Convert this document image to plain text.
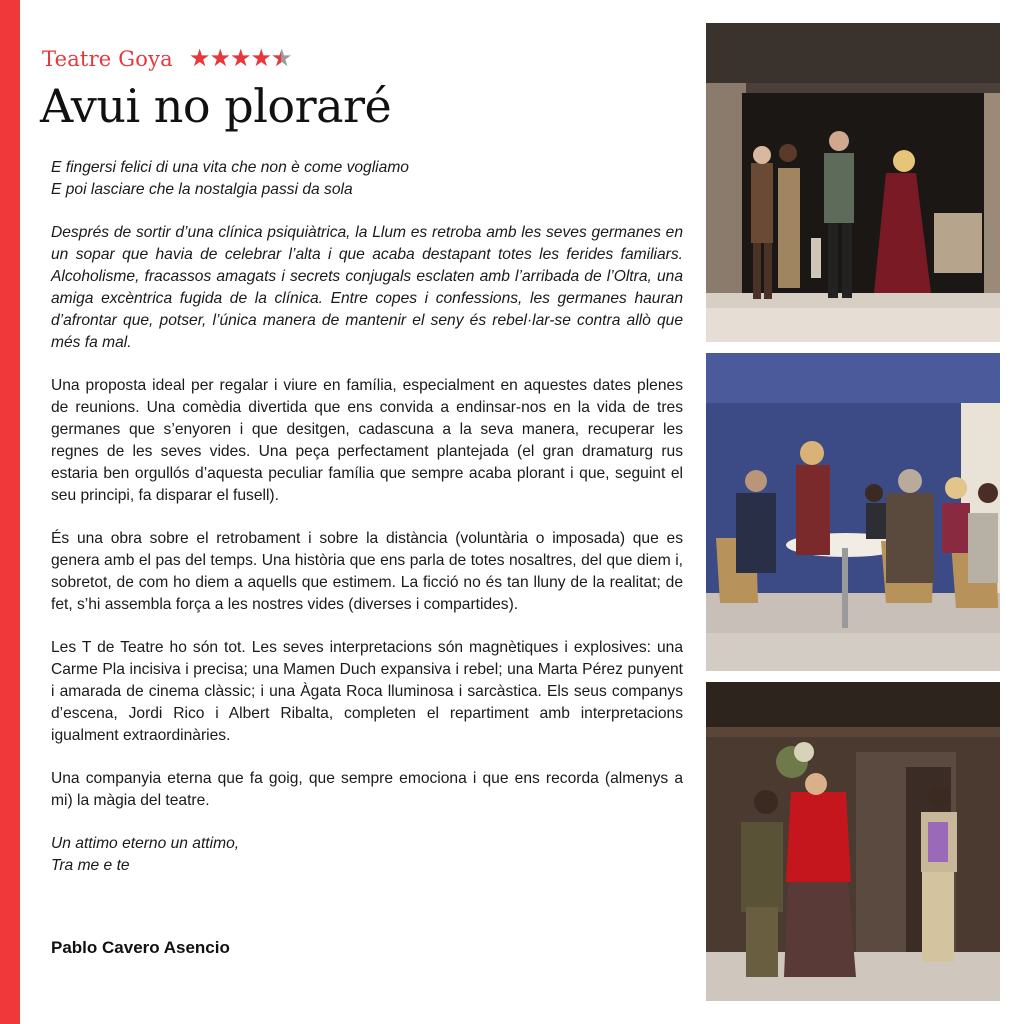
Teatre Goya ★★★★★ ★
Avui no ploraré

E fingersi felici di una vita che non è come vogliamo
E poi lasciare che la nostalgia passi da sola

Després de sortir d’una clínica psiquiàtrica, la Llum es retroba amb les seves germanes en un sopar que havia de celebrar l’alta i que acaba destapant totes les ferides familiars. Alcoholisme, fracassos amagats i secrets conjugals esclaten amb l’arribada de l’Oltra, una amiga excèntrica fugida de la clínica. Entre copes i confessions, les germanes hauran d’afrontar que, potser, l’única manera de mantenir el seny és rebel·lar-se contra allò que més fa mal.

Una proposta ideal per regalar i viure en família, especialment en aquestes dates plenes de reunions. Una comèdia divertida que ens convida a endinsar-nos en la vida de tres germanes que s’enyoren i que desitgen, cadascuna a la seva manera, recuperar les regnes de les seves vides. Una peça perfectament plantejada (el gran dramaturg rus estaria ben orgullós d’aquesta peculiar família que sempre acaba plorant i que, seguint el seu principi, fa disparar el fusell).

És una obra sobre el retrobament i sobre la distància (voluntària o imposada) que es genera amb el pas del temps. Una història que ens parla de totes nosaltres, del que diem i, sobretot, de com ho diem a aquells que estimem. La ficció no és tan lluny de la realitat; de fet, s’hi assembla força a les nostres vides (diverses i compartides).

Les T de Teatre ho són tot. Les seves interpretacions són magnètiques i explosives: una Carme Pla incisiva i precisa; una Mamen Duch expansiva i rebel; una Marta Pérez punyent i amarada de cinema clàssic; i una Àgata Roca lluminosa i sarcàstica. Els seus companys d’escena, Jordi Rico i Albert Ribalta, completen el repartiment amb interpretacions igualment extraordinàries.

Una companyia eterna que fa goig, que sempre emociona i que ens recorda (almenys a mi) la màgia del teatre.

Un attimo eterno un attimo,
Tra me e te

Pablo Cavero Asencio
